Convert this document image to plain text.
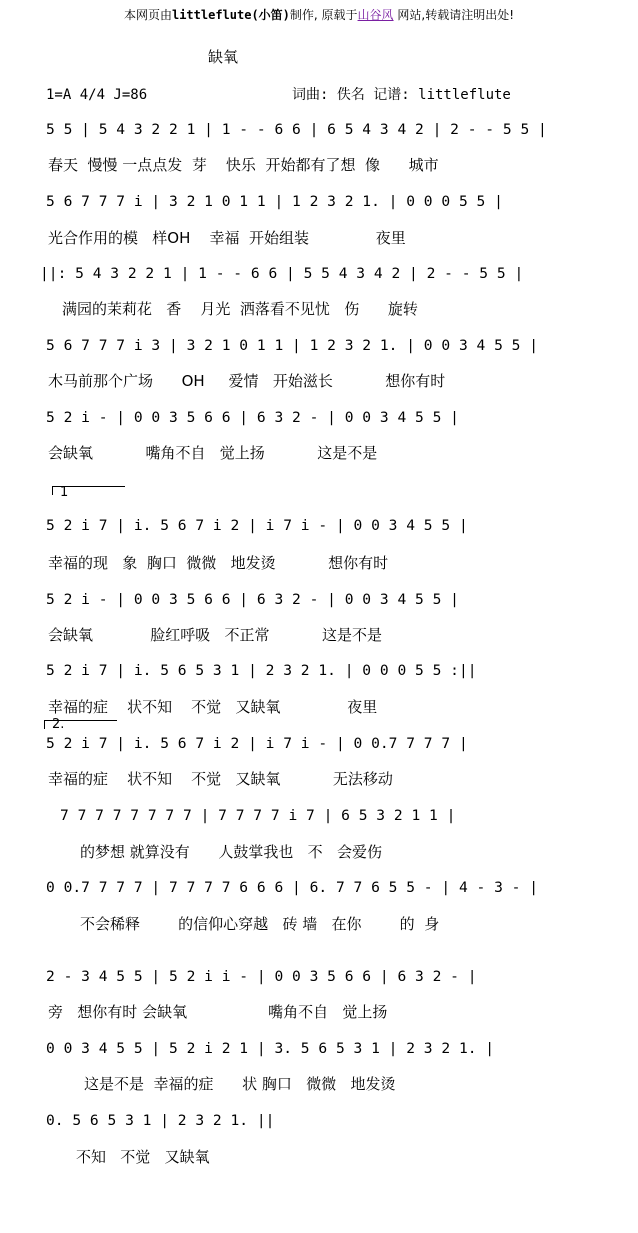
本网页由littleflute(小笛)制作, 原载于山谷风 网站,转载请注明出处!
缺氧
1=A 4/4 J=86	词曲: 佚名 记谱: littleflute
5 5 | 5 4 3 2 2 1 | 1 - - 6 6 | 6 5 4 3 4 2 | 2 - - 5 5 |
春天  慢慢 一点点发  芽    快乐  开始都有了想  像      城市
5 6 7 7 7 i | 3 2 1 0 1 1 | 1 2 3 2 1. | 0 0 0 5 5 |
光合作用的模   样OH    幸福  开始组装              夜里
||: 5 4 3 2 2 1 | 1 - - 6 6 | 5 5 4 3 4 2 | 2 - - 5 5 |
满园的茉莉花   香    月光  洒落看不见忧   伤      旋转
5 6 7 7 7 i 3 | 3 2 1 0 1 1 | 1 2 3 2 1. | 0 0 3 4 5 5 |
木马前那个广场      OH     爱情   开始滋长           想你有时
5 2 i - | 0 0 3 5 6 6 | 6 3 2 - | 0 0 3 4 5 5 |
会缺氧           嘴角不自   觉上扬           这是不是
1
5 2 i 7 | i. 5 6 7 i 2 | i 7 i - | 0 0 3 4 5 5 |
幸福的现   象  胸口  微微   地发烫           想你有时
5 2 i - | 0 0 3 5 6 6 | 6 3 2 - | 0 0 3 4 5 5 |
会缺氧            脸红呼吸   不正常           这是不是
5 2 i 7 | i. 5 6 5 3 1 | 2 3 2 1. | 0 0 0 5 5 :||
幸福的症    状不知    不觉   又缺氧              夜里
2.
5 2 i 7 | i. 5 6 7 i 2 | i 7 i - | 0 0.7 7 7 7 |
幸福的症    状不知    不觉   又缺氧           无法移动
7 7 7 7 7 7 7 7 | 7 7 7 7 i 7 | 6 5 3 2 1 1 |
的梦想 就算没有      人鼓掌我也   不   会爱伤
0 0.7 7 7 7 | 7 7 7 7 6 6 6 | 6. 7 7 6 5 5 - | 4 - 3 - |
不会稀释        的信仰心穿越   砖 墙   在你        的  身
2 - 3 4 5 5 | 5 2 i i - | 0 0 3 5 6 6 | 6 3 2 - |
旁   想你有时 会缺氧                 嘴角不自   觉上扬
0 0 3 4 5 5 | 5 2 i 2 1 | 3. 5 6 5 3 1 | 2 3 2 1. |
这是不是  幸福的症      状 胸口   微微   地发烫
0. 5 6 5 3 1 | 2 3 2 1. ||
不知   不觉   又缺氧
